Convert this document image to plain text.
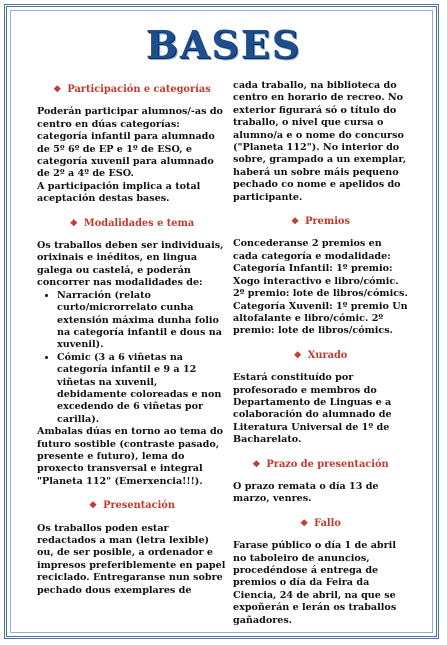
BASES
❖ Participación e categorías

Poderán participar alumnos/-as do centro en dúas categorías: categoría infantil para alumnado de 5º 6º de EP e 1º de ESO, e categoría xuvenil para alumnado de 2º a 4º de ESO.

A participación implica a total aceptación destas bases.

❖ Modalidades e tema

Os traballos deben ser individuais, orixinais e inéditos, en lingua galega ou castelá, e poderán concorrer nas modalidades de:

• Narración (relato curto/microrrelato cunha extensión máxima dunha folio na categoría infantil e dous na xuvenil).
• Cómic (3 a 6 viñetas na categoría infantil e 9 a 12 viñetas na xuvenil, debidamente coloreadas e non excedendo de 6 viñetas por carilla).

Ambalas dúas en torno ao tema do futuro sostible (contraste pasado, presente e futuro), lema do proxecto transversal e integral "Planeta 112" (Emerxencia!!!).

❖ Presentación

Os traballos poden estar redactados a man (letra lexible) ou, de ser posible, a ordenador e impresos preferiblemente en papel reciclado. Entregaranse nun sobre pechado dous exemplares de

cada traballo, na biblioteca do centro en horario de recreo. No exterior figurará só o título do traballo, o nivel que cursa o alumno/a e o nome do concurso ("Planeta 112"). No interior do sobre, grampado a un exemplar, haberá un sobre máis pequeno pechado co nome e apelidos do participante.

❖ Premios

Concederanse 2 premios en cada categoría e modalidade: Categoría Infantil: 1º premio: Xogo interactivo e libro/cómic. 2º premio: lote de libros/cómics. Categoría Xuvenil: 1º premio Un altofalante e libro/cómic. 2º premio: lote de libros/cómics.

❖ Xurado

Estará constituído por profesorado e membros do Departamento de Linguas e a colaboración do alumnado de Literatura Universal de 1º de Bacharelato.

❖ Prazo de presentación

O prazo remata o día 13 de marzo, venres.

❖ Fallo

Farase público o día 1 de abril no taboleiro de anuncios, procedéndose á entrega de premios o día da Feira da Ciencia, 24 de abril, na que se expoñerán e lerán os traballos gañadores.
